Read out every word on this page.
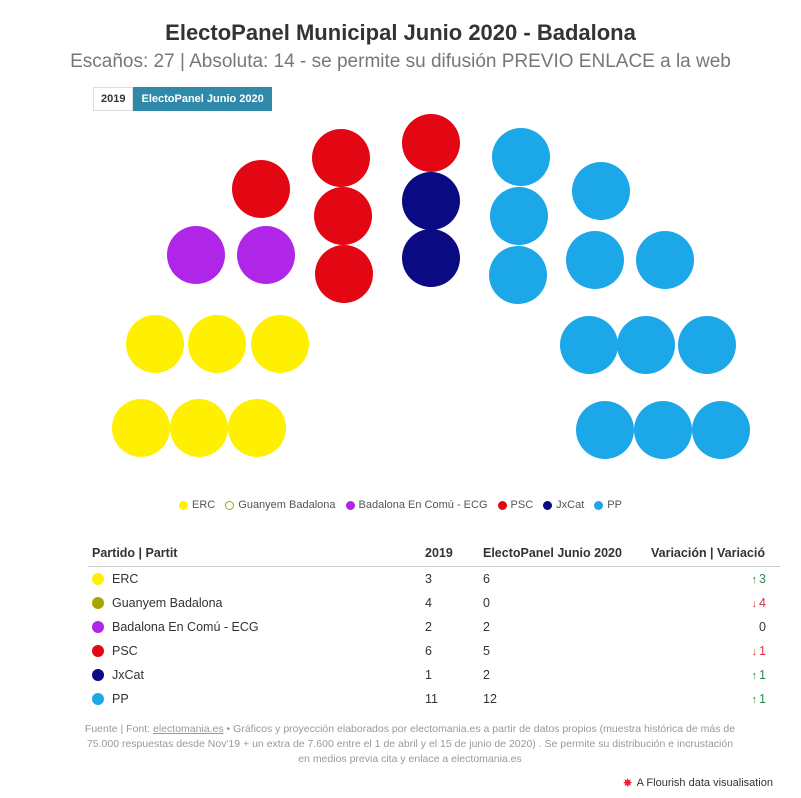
ElectoPanel Municipal Junio 2020 - Badalona
Escaños: 27 | Absoluta: 14 - se permite su difusión PREVIO ENLACE a la web
2019	ElectoPanel Junio 2020
ERC Guanyem Badalona Badalona En Comú - ECG PSC JxCat PP
Partido | Partit	2019	ElectoPanel Junio 2020	Variación | Variació

ERC	3	6	↑ 3

Guanyem Badalona	4	0	↓ 4

Badalona En Comú - ECG	2	2	0

PSC	6	5	↓ 1

JxCat	1	2	↑ 1

PP	11	12	↑ 1
Fuente | Font: electomania.es • Gráficos y proyección elaborados por electomania.es a partir de datos propios (muestra histórica de más de 75.000 respuestas desde Nov'19 + un extra de 7.600 entre el 1 de abril y el 15 de junio de 2020) . Se permite su distribución e incrustación en medios previa cita y enlace a electomania.es
✸ A Flourish data visualisation
